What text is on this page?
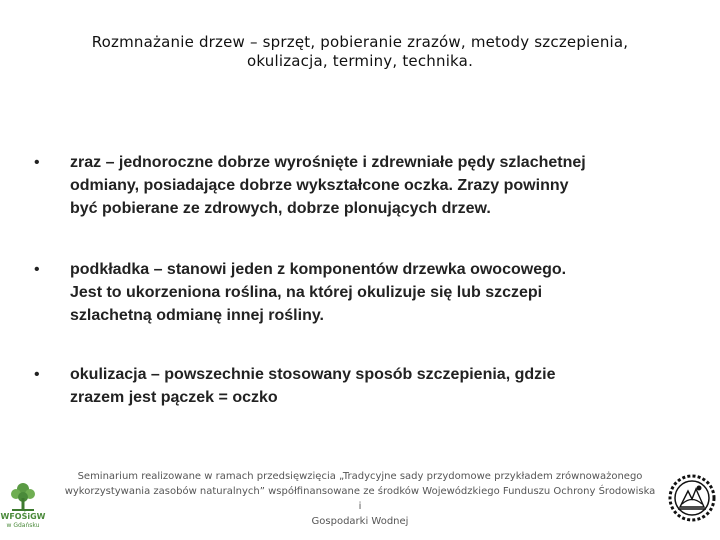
Rozmnażanie drzew – sprzęt, pobieranie zrazów, metody szczepienia,
okulizacja, terminy, technika.
• zraz – jednoroczne dobrze wyrośnięte i zdrewniałe pędy szlachetnej
odmiany, posiadające dobrze wykształcone oczka. Zrazy powinny
być pobierane ze zdrowych, dobrze plonujących drzew.
• podkładka – stanowi jeden z komponentów drzewka owocowego.
Jest to ukorzeniona roślina, na której okulizuje się lub szczepi
szlachetną odmianę innej rośliny.
• okulizacja – powszechnie stosowany sposób szczepienia, gdzie
zrazem jest pączek = oczko
WFOŚiGW
w Gdańsku
Seminarium realizowane w ramach przedsięwzięcia „Tradycyjne sady przydomowe przykładem zrównoważonego
wykorzystywania zasobów naturalnych” współfinansowane ze środków Wojewódzkiego Funduszu Ochrony Środowiska i
Gospodarki Wodnej
